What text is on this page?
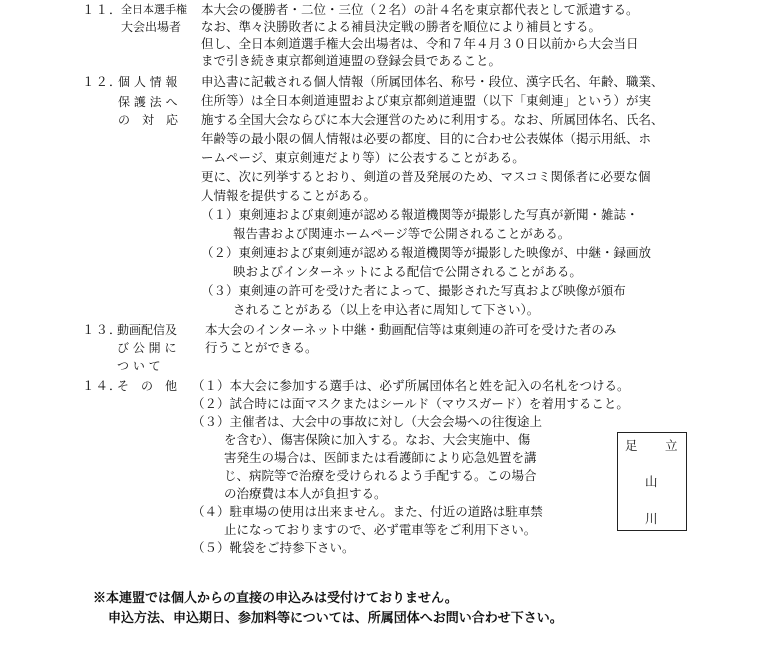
１１．
全日本選手権
大会出場者
本大会の優勝者・二位・三位（２名）の計４名を東京都代表として派遣する。
なお、準々決勝敗者による補員決定戦の勝者を順位により補員とする。
但し、全日本剣道選手権大会出場者は、令和７年４月３０日以前から大会当日
まで引き続き東京都剣道連盟の登録会員であること。
１２．
個 人 情 報
保 護 法 へ
の　対　応
申込書に記載される個人情報（所属団体名、称号・段位、漢字氏名、年齢、職業、
住所等）は全日本剣道連盟および東京都剣道連盟（以下「東剣連」という）が実
施する全国大会ならびに本大会運営のために利用する。なお、所属団体名、氏名、
年齢等の最小限の個人情報は必要の都度、目的に合わせ公表媒体（掲示用紙、ホ
ームページ、東京剣連だより等）に公表することがある。
更に、次に列挙するとおり、剣道の普及発展のため、マスコミ関係者に必要な個
人情報を提供することがある。
（１）東剣連および東剣連が認める報道機関等が撮影した写真が新聞・雑誌・
報告書および関連ホームページ等で公開されることがある。
（２）東剣連および東剣連が認める報道機関等が撮影した映像が、中継・録画放
映およびインターネットによる配信で公開されることがある。
（３）東剣連の許可を受けた者によって、撮影された写真および映像が頒布
されることがある（以上を申込者に周知して下さい）。
１３．
動画配信及
び 公 開 に
つ い て
本大会のインターネット中継・動画配信等は東剣連の許可を受けた者のみ
行うことができる。
１４．
そ　の　他 （１）本大会に参加する選手は、必ず所属団体名と姓を記入の名札をつける。
（２）試合時には面マスクまたはシールド（マウスガード）を着用すること。
（３）主催者は、大会中の事故に対し（大会会場への往復途上
を含む）、傷害保険に加入する。なお、大会実施中、傷
害発生の場合は、医師または看護師により応急処置を講
じ、病院等で治療を受けられるよう手配する。この場合
の治療費は本人が負担する。
（４）駐車場の使用は出来ません。また、付近の道路は駐車禁
止になっておりますので、必ず電車等をご利用下さい。
（５）靴袋をご持参下さい。
足 立
山
川
※本連盟では個人からの直接の申込みは受付けておりません。
申込方法、申込期日、参加料等については、所属団体へお問い合わせ下さい。
